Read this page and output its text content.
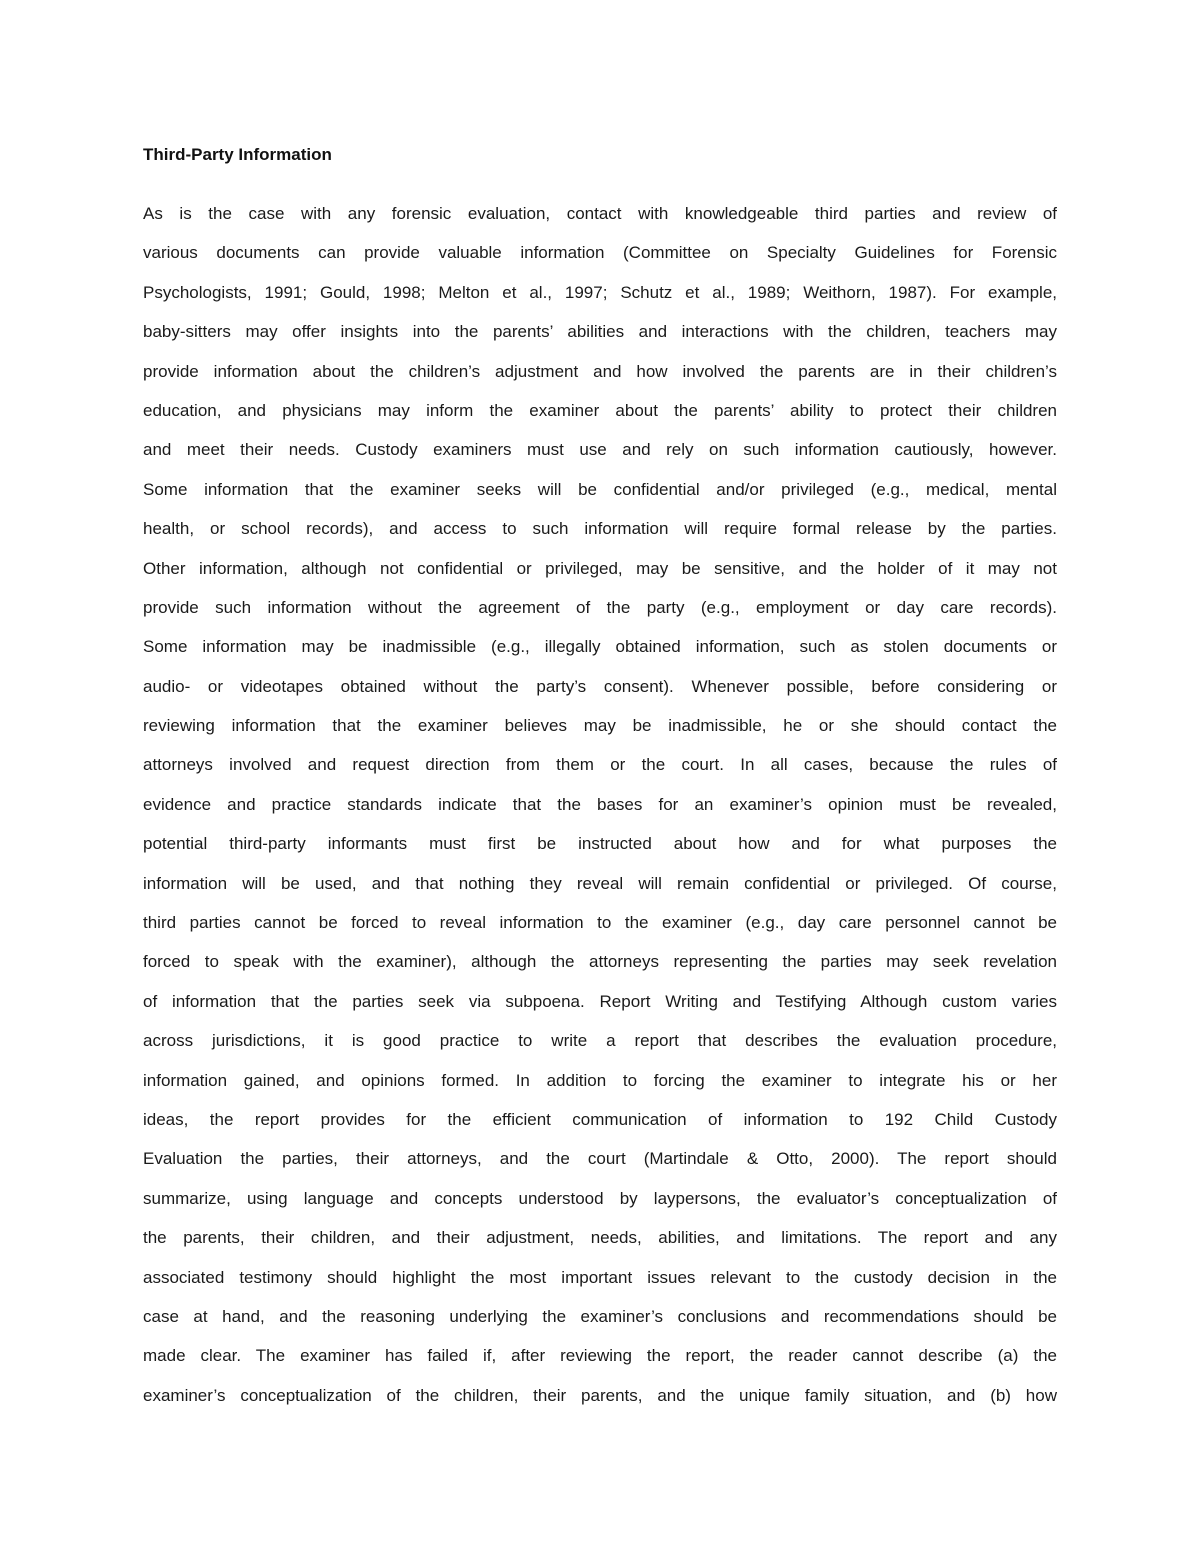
Third-Party Information
As is the case with any forensic evaluation, contact with knowledgeable third parties and review of
various documents can provide valuable information (Committee on Specialty Guidelines for Forensic
Psychologists, 1991; Gould, 1998; Melton et al., 1997; Schutz et al., 1989; Weithorn, 1987). For example,
baby-sitters may offer insights into the parents’ abilities and interactions with the children, teachers may
provide information about the children’s adjustment and how involved the parents are in their children’s
education, and physicians may inform the examiner about the parents’ ability to protect their children
and meet their needs. Custody examiners must use and rely on such information cautiously, however.
Some information that the examiner seeks will be confidential and/or privileged (e.g., medical, mental
health, or school records), and access to such information will require formal release by the parties.
Other information, although not confidential or privileged, may be sensitive, and the holder of it may not
provide such information without the agreement of the party (e.g., employment or day care records).
Some information may be inadmissible (e.g., illegally obtained information, such as stolen documents or
audio- or videotapes obtained without the party’s consent). Whenever possible, before considering or
reviewing information that the examiner believes may be inadmissible, he or she should contact the
attorneys involved and request direction from them or the court. In all cases, because the rules of
evidence and practice standards indicate that the bases for an examiner’s opinion must be revealed,
potential third-party informants must first be instructed about how and for what purposes the
information will be used, and that nothing they reveal will remain confidential or privileged. Of course,
third parties cannot be forced to reveal information to the examiner (e.g., day care personnel cannot be
forced to speak with the examiner), although the attorneys representing the parties may seek revelation
of information that the parties seek via subpoena. Report Writing and Testifying Although custom varies
across jurisdictions, it is good practice to write a report that describes the evaluation procedure,
information gained, and opinions formed. In addition to forcing the examiner to integrate his or her
ideas, the report provides for the efficient communication of information to 192 Child Custody
Evaluation the parties, their attorneys, and the court (Martindale & Otto, 2000). The report should
summarize, using language and concepts understood by laypersons, the evaluator’s conceptualization of
the parents, their children, and their adjustment, needs, abilities, and limitations. The report and any
associated testimony should highlight the most important issues relevant to the custody decision in the
case at hand, and the reasoning underlying the examiner’s conclusions and recommendations should be
made clear. The examiner has failed if, after reviewing the report, the reader cannot describe (a) the
examiner’s conceptualization of the children, their parents, and the unique family situation, and (b) how
